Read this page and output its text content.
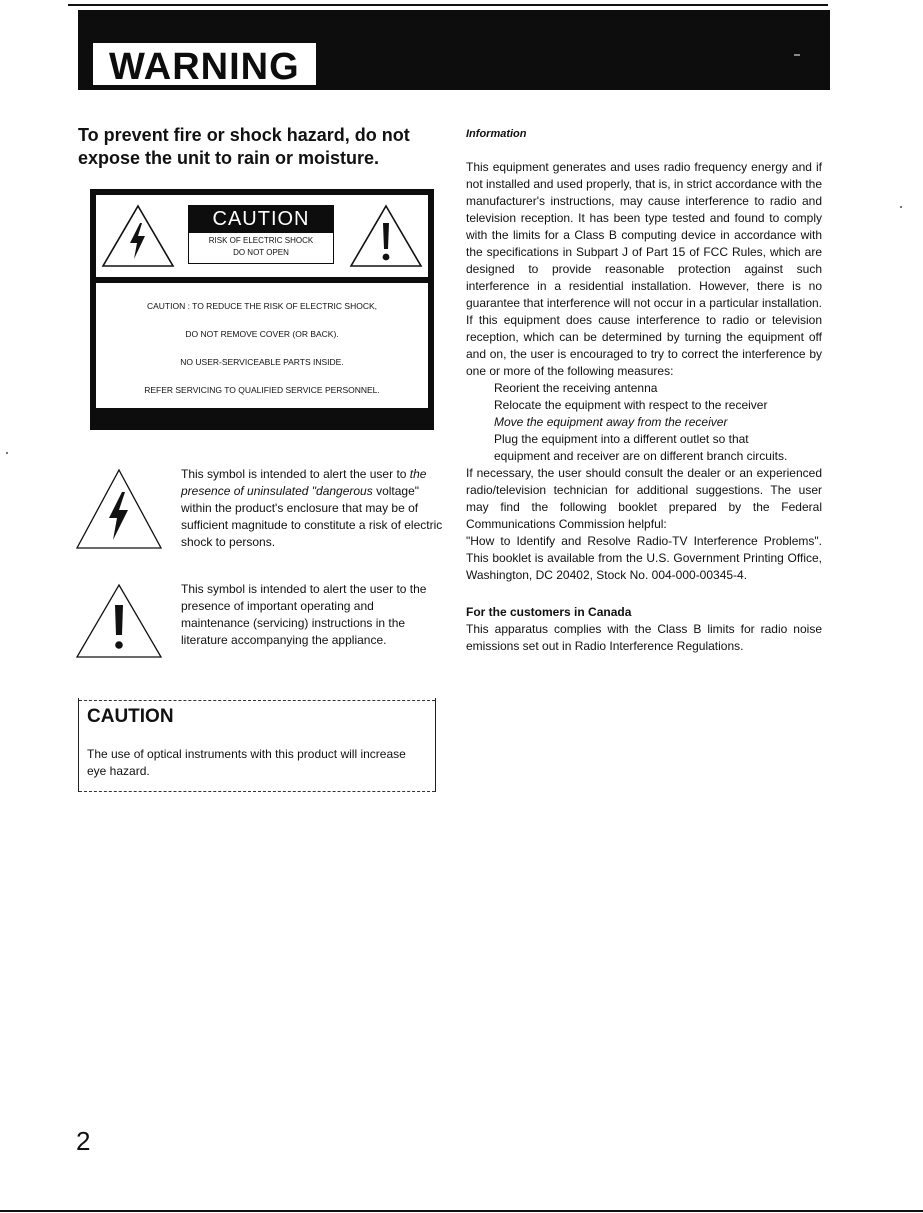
WARNING

To prevent fire or shock hazard, do not expose the unit to rain or moisture.

CAUTION
RISK OF ELECTRIC SHOCK
DO NOT OPEN
CAUTION : TO REDUCE THE RISK OF ELECTRIC SHOCK,
DO NOT REMOVE COVER (OR BACK).
NO USER-SERVICEABLE PARTS INSIDE.
REFER SERVICING TO QUALIFIED SERVICE PERSONNEL.

This symbol is intended to alert the user to the presence of uninsulated "dangerous voltage" within the product's enclosure that may be of sufficient magnitude to constitute a risk of electric shock to persons.

This symbol is intended to alert the user to the presence of important operating and maintenance (servicing) instructions in the literature accompanying the appliance.

CAUTION

The use of optical instruments with this product will increase eye hazard.

Information

This equipment generates and uses radio frequency energy and if not installed and used properly, that is, in strict accordance with the manufacturer's instructions, may cause interference to radio and television reception. It has been type tested and found to comply with the limits for a Class B computing device in accordance with the specifications in Subpart J of Part 15 of FCC Rules, which are designed to provide reasonable protection against such interference in a residential installation. However, there is no guarantee that interference will not occur in a particular installation. If this equipment does cause interference to radio or television reception, which can be determined by turning the equipment off and on, the user is encouraged to try to correct the interference by one or more of the following measures:

Reorient the receiving antenna
Relocate the equipment with respect to the receiver
Move the equipment away from the receiver
Plug the equipment into a different outlet so that equipment and receiver are on different branch circuits.

If necessary, the user should consult the dealer or an experienced radio/television technician for additional suggestions. The user may find the following booklet prepared by the Federal Communications Commission helpful:

"How to Identify and Resolve Radio-TV Interference Problems". This booklet is available from the U.S. Government Printing Office, Washington, DC 20402, Stock No. 004-000-00345-4.

For the customers in Canada

This apparatus complies with the Class B limits for radio noise emissions set out in Radio Interference Regulations.

2
